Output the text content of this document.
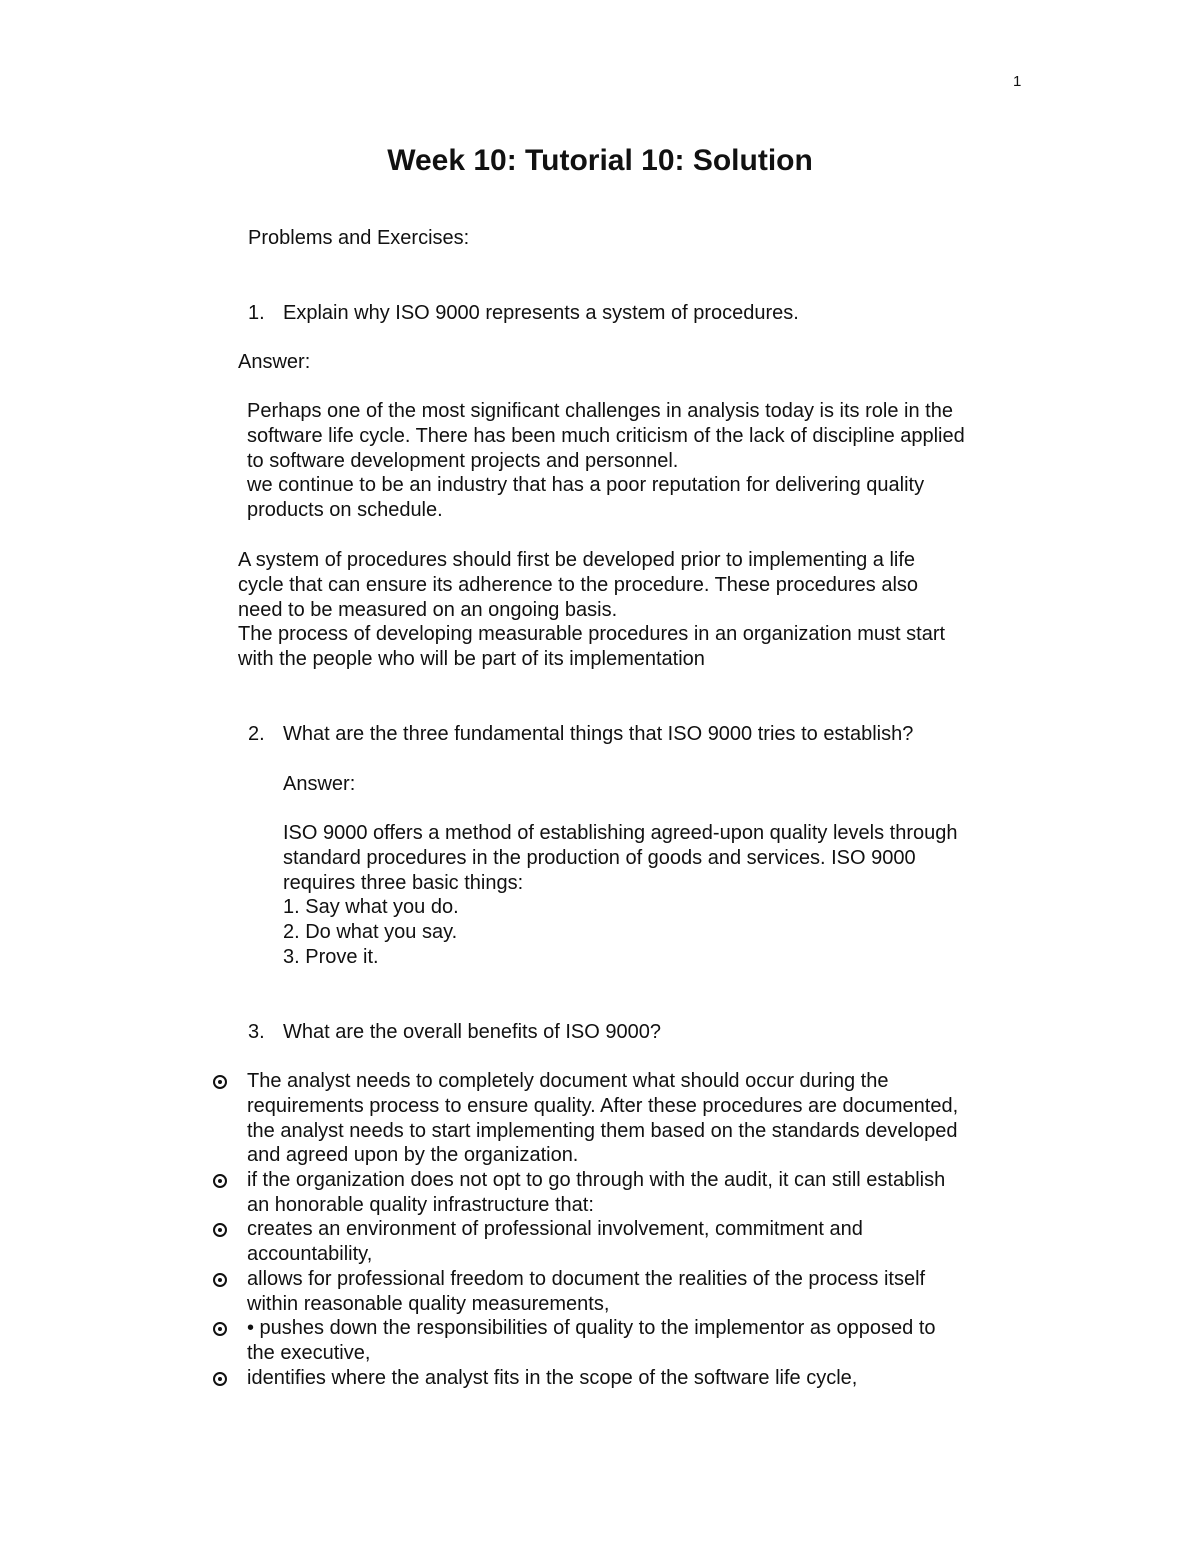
1
Week 10: Tutorial 10: Solution
Problems and Exercises:
1. Explain why ISO 9000 represents a system of procedures.
Answer:
Perhaps one of the most significant challenges in analysis today is its role in the
software life cycle. There has been much criticism of the lack of discipline applied
to software development projects and personnel.
we continue to be an industry that has a poor reputation for delivering quality
products on schedule.
A system of procedures should first be developed prior to implementing a life
cycle that can ensure its adherence to the procedure. These procedures also
need to be measured on an ongoing basis.
The process of developing measurable procedures in an organization must start
with the people who will be part of its implementation
2. What are the three fundamental things that ISO 9000 tries to establish?
Answer:
ISO 9000 offers a method of establishing agreed-upon quality levels through
standard procedures in the production of goods and services. ISO 9000
requires three basic things:
1. Say what you do.
2. Do what you say.
3. Prove it.
3. What are the overall benefits of ISO 9000?
The analyst needs to completely document what should occur during the
requirements process to ensure quality. After these procedures are documented,
the analyst needs to start implementing them based on the standards developed
and agreed upon by the organization.
if the organization does not opt to go through with the audit, it can still establish
an honorable quality infrastructure that:
creates an environment of professional involvement, commitment and
accountability,
allows for professional freedom to document the realities of the process itself
within reasonable quality measurements,
• pushes down the responsibilities of quality to the implementor as opposed to
the executive,
identifies where the analyst fits in the scope of the software life cycle,
